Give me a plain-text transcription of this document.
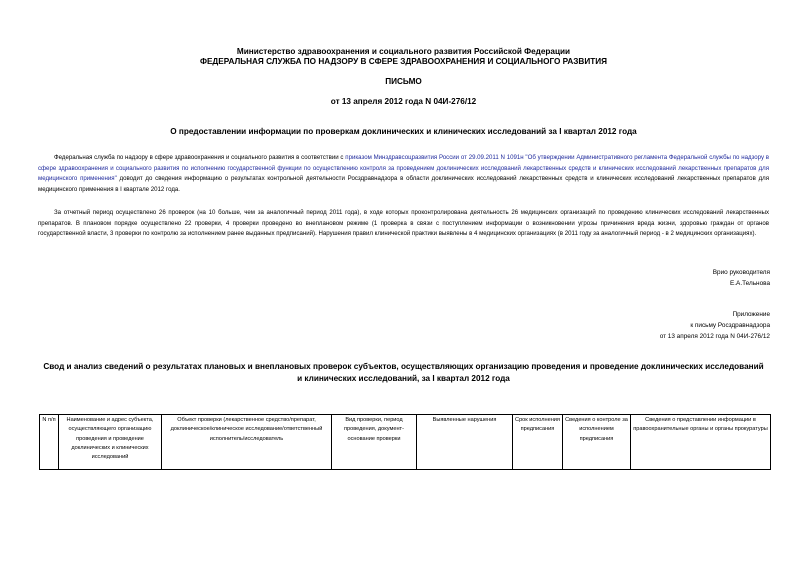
Министерство здравоохранения и социального развития Российской Федерации
ФЕДЕРАЛЬНАЯ СЛУЖБА ПО НАДЗОРУ В СФЕРЕ ЗДРАВООХРАНЕНИЯ И СОЦИАЛЬНОГО РАЗВИТИЯ
ПИСЬМО
от 13 апреля 2012 года N 04И-276/12
О предоставлении информации по проверкам доклинических и клинических исследований за I квартал 2012 года
Федеральная служба по надзору в сфере здравоохранения и социального развития в соответствии с приказом Минздравсоцразвития России от 29.09.2011 N 1091н "Об утверждении Административного регламента Федеральной службы по надзору в сфере здравоохранения и социального развития по исполнению государственной функции по осуществлению контроля за проведением доклинических исследований лекарственных средств и клинических исследований лекарственных препаратов для медицинского применения" доводит до сведения информацию о результатах контрольной деятельности Росздравнадзора в области доклинических исследований лекарственных средств и клинических исследований лекарственных препаратов для медицинского применения в I квартале 2012 года.
За отчетный период осуществлено 26 проверок (на 10 больше, чем за аналогичный период 2011 года), в ходе которых проконтролирована деятельность 26 медицинских организаций по проведению клинических исследований лекарственных препаратов. В плановом порядке осуществлено 22 проверки, 4 проверки проведено во внеплановом режиме (1 проверка в связи с поступлением информации о возникновении угрозы причинения вреда жизни, здоровью граждан от органов государственной власти, 3 проверки по контролю за исполнением ранее выданных предписаний). Нарушения правил клинической практики выявлены в 4 медицинских организациях (в 2011 году за аналогичный период - в 2 медицинских организациях).
Врио руководителя
Е.А.Тельнова
Приложение
к письму Росздравнадзора
от 13 апреля 2012 года N 04И-276/12
Свод и анализ сведений о результатах плановых и внеплановых проверок субъектов, осуществляющих организацию проведения и проведение доклинических исследований и клинических исследований, за I квартал 2012 года
N п/п	Наименование и адрес субъекта, осуществляющего организацию проведения и проведение доклинических и клинических исследований	Объект проверки (лекарственное средство/препарат, доклиническое/клиническое исследование/ответственный исполнитель/исследователь	Вид проверки, период проведения, документ-основание проверки	Выявленные нарушения	Срок исполнения предписания	Сведения о контроле за исполнением предписания	Сведения о представлении информации в правоохранительные органы и органы прокуратуры
